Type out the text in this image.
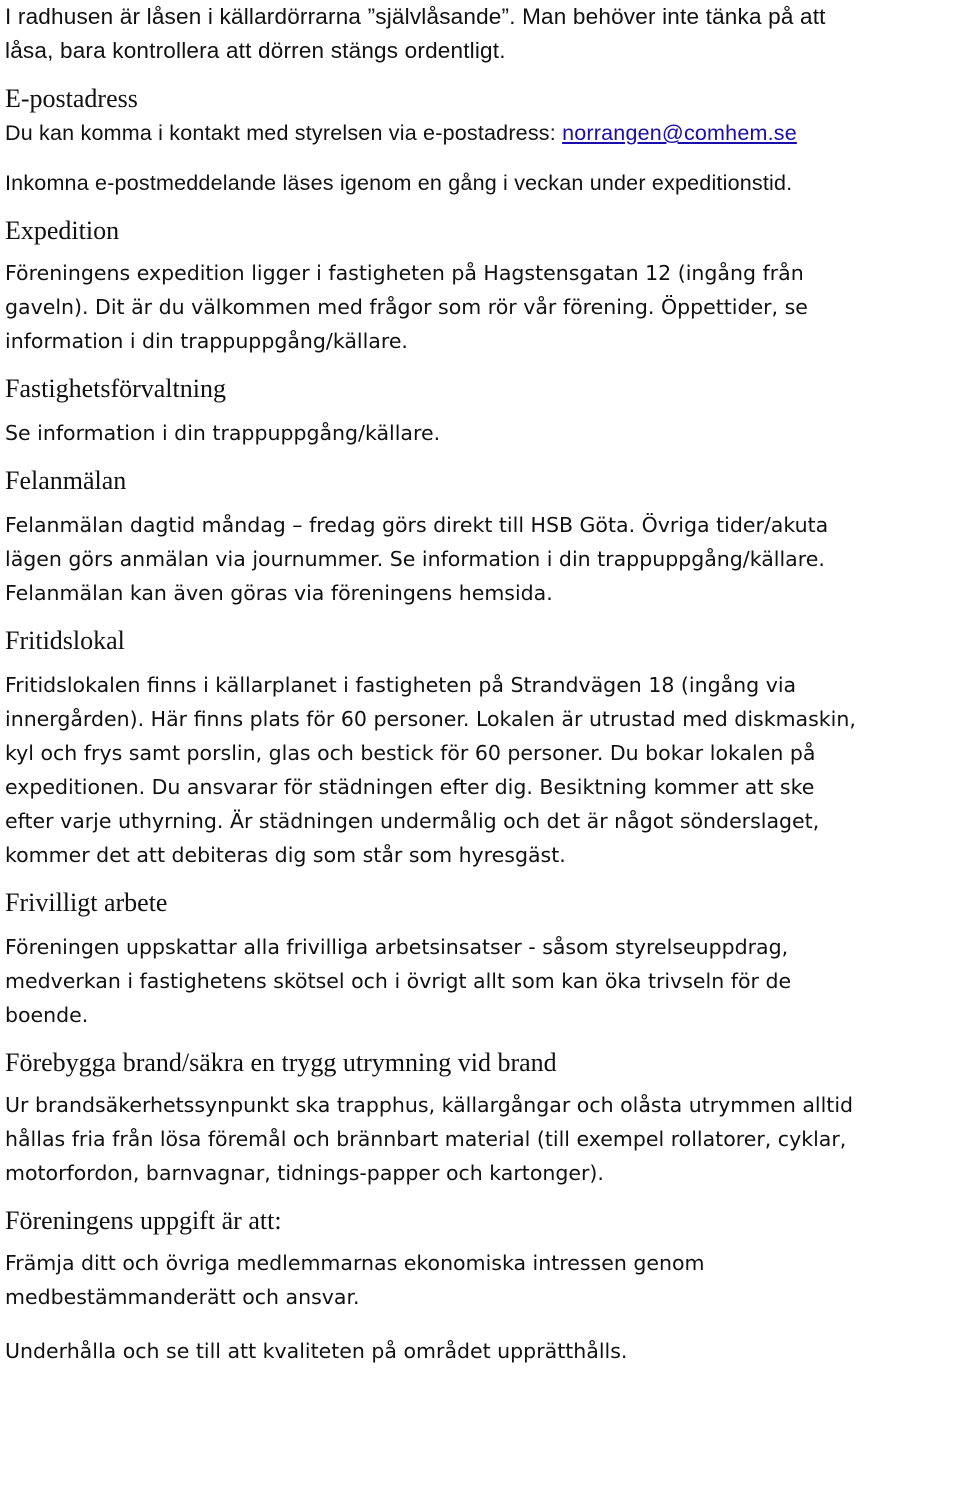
I radhusen är låsen i källardörrarna ”självlåsande”. Man behöver inte tänka på att
låsa, bara kontrollera att dörren stängs ordentligt.
E-postadress
Du kan komma i kontakt med styrelsen via e-postadress: norrangen@comhem.se
Inkomna e-postmeddelande läses igenom en gång i veckan under expeditionstid.
Expedition
Föreningens expedition ligger i fastigheten på Hagstensgatan 12 (ingång från
gaveln). Dit är du välkommen med frågor som rör vår förening. Öppettider, se
information i din trappuppgång/källare.
Fastighetsförvaltning
Se information i din trappuppgång/källare.
Felanmälan
Felanmälan dagtid måndag – fredag görs direkt till HSB Göta. Övriga tider/akuta
lägen görs anmälan via journummer. Se information i din trappuppgång/källare.
Felanmälan kan även göras via föreningens hemsida.
Fritidslokal
Fritidslokalen finns i källarplanet i fastigheten på Strandvägen 18 (ingång via
innergården). Här finns plats för 60 personer. Lokalen är utrustad med diskmaskin,
kyl och frys samt porslin, glas och bestick för 60 personer. Du bokar lokalen på
expeditionen. Du ansvarar för städningen efter dig. Besiktning kommer att ske
efter varje uthyrning. Är städningen undermålig och det är något sönderslaget,
kommer det att debiteras dig som står som hyresgäst.
Frivilligt arbete
Föreningen uppskattar alla frivilliga arbetsinsatser - såsom styrelseuppdrag,
medverkan i fastighetens skötsel och i övrigt allt som kan öka trivseln för de
boende.
Förebygga brand/säkra en trygg utrymning vid brand
Ur brandsäkerhetssynpunkt ska trapphus, källargångar och olåsta utrymmen alltid
hållas fria från lösa föremål och brännbart material (till exempel rollatorer, cyklar,
motorfordon, barnvagnar, tidnings-papper och kartonger).
Föreningens uppgift är att:
Främja ditt och övriga medlemmarnas ekonomiska intressen genom
medbestämmanderätt och ansvar.
Underhålla och se till att kvaliteten på området upprätthålls.
